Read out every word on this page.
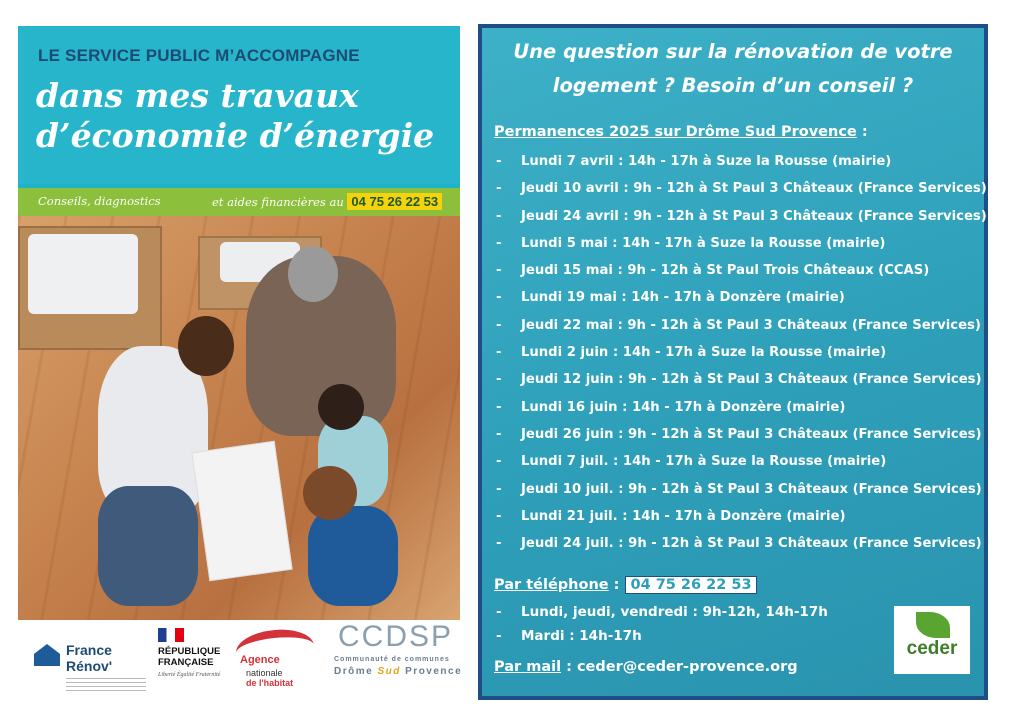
LE SERVICE PUBLIC M’ACCOMPAGNE
dans mes travaux
d’économie d’énergie
Conseils, diagnostics	et aides financières au 04 75 26 22 53
France
Rénov'
RÉPUBLIQUE
FRANÇAISE
Liberté Égalité Fraternité
Agence
nationale
de l'habitat
CCDSP
Communauté de communes
Drôme Sud Provence
Une question sur la rénovation de votre
logement ? Besoin d’un conseil ?
Permanences 2025 sur Drôme Sud Provence :
- Lundi 7 avril : 14h - 17h à Suze la Rousse (mairie)
- Jeudi 10 avril : 9h - 12h à St Paul 3 Châteaux (France Services)
- Jeudi 24 avril : 9h - 12h à St Paul 3 Châteaux (France Services)
- Lundi 5 mai : 14h - 17h à Suze la Rousse (mairie)
- Jeudi 15 mai : 9h - 12h à St Paul Trois Châteaux (CCAS)
- Lundi 19 mai : 14h - 17h à Donzère (mairie)
- Jeudi 22 mai : 9h - 12h à St Paul 3 Châteaux (France Services)
- Lundi 2 juin : 14h - 17h à Suze la Rousse (mairie)
- Jeudi 12 juin : 9h - 12h à St Paul 3 Châteaux (France Services)
- Lundi 16 juin : 14h - 17h à Donzère (mairie)
- Jeudi 26 juin : 9h - 12h à St Paul 3 Châteaux (France Services)
- Lundi 7 juil. : 14h - 17h à Suze la Rousse (mairie)
- Jeudi 10 juil. : 9h - 12h à St Paul 3 Châteaux (France Services)
- Lundi 21 juil. : 14h - 17h à Donzère (mairie)
- Jeudi 24 juil. : 9h - 12h à St Paul 3 Châteaux (France Services)
Par téléphone : 04 75 26 22 53
- Lundi, jeudi, vendredi : 9h-12h, 14h-17h
- Mardi : 14h-17h
Par mail : ceder@ceder-provence.org
ceder
